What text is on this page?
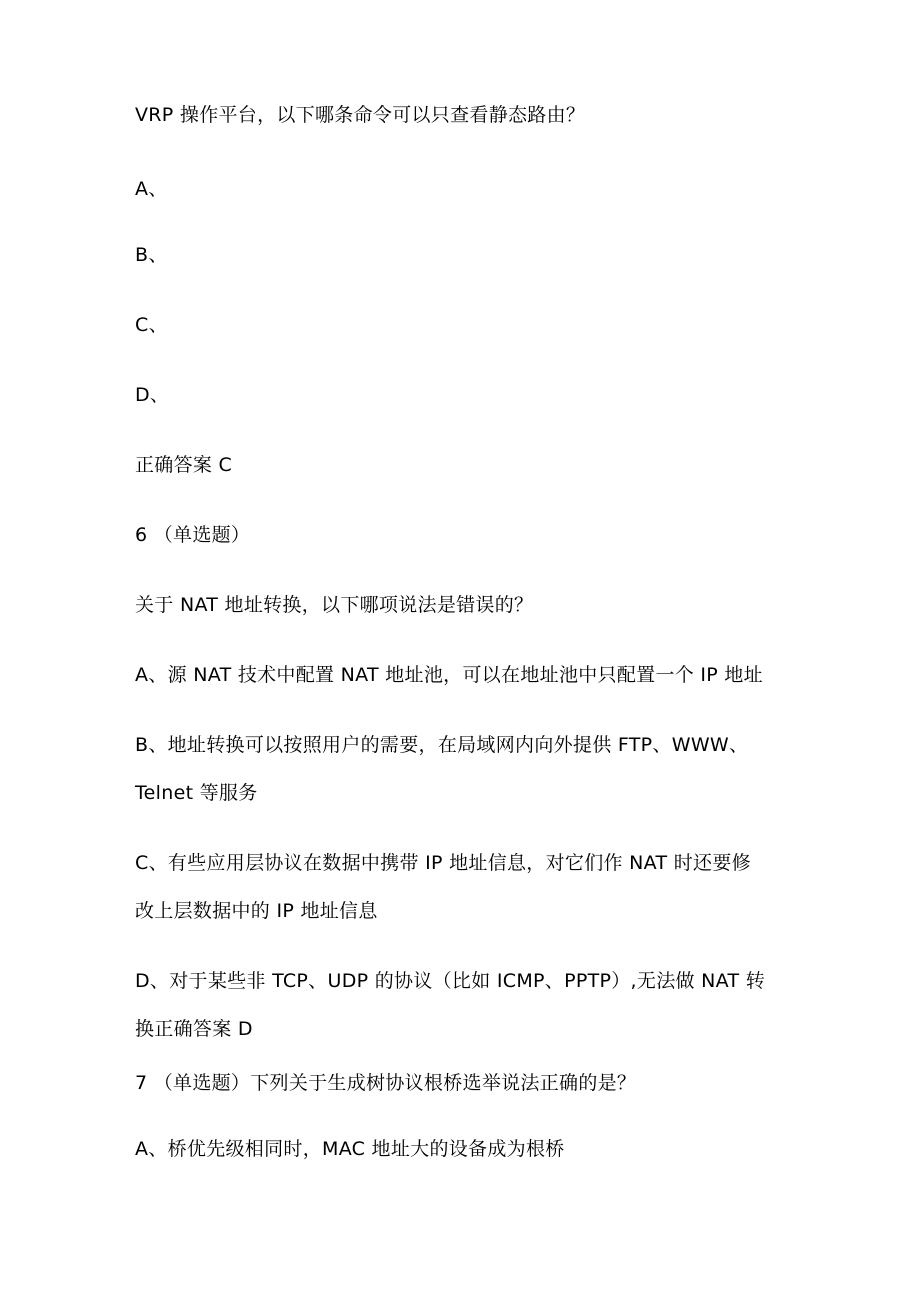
VRP 操作平台，以下哪条命令可以只查看静态路由？
A、
B、
C、
D、
正确答案 C
6 （单选题）
关于 NAT 地址转换，以下哪项说法是错误的？
A、源 NAT 技术中配置 NAT 地址池，可以在地址池中只配置一个 IP 地址
B、地址转换可以按照用户的需要，在局域网内向外提供 FTP、WWW、
Telnet 等服务
C、有些应用层协议在数据中携带 IP 地址信息，对它们作 NAT 时还要修
改上层数据中的 IP 地址信息
D、对于某些非 TCP、UDP 的协议（比如 ICMP、PPTP）,无法做 NAT 转
换正确答案 D
7 （单选题）下列关于生成树协议根桥选举说法正确的是？
A、桥优先级相同时，MAC 地址大的设备成为根桥
